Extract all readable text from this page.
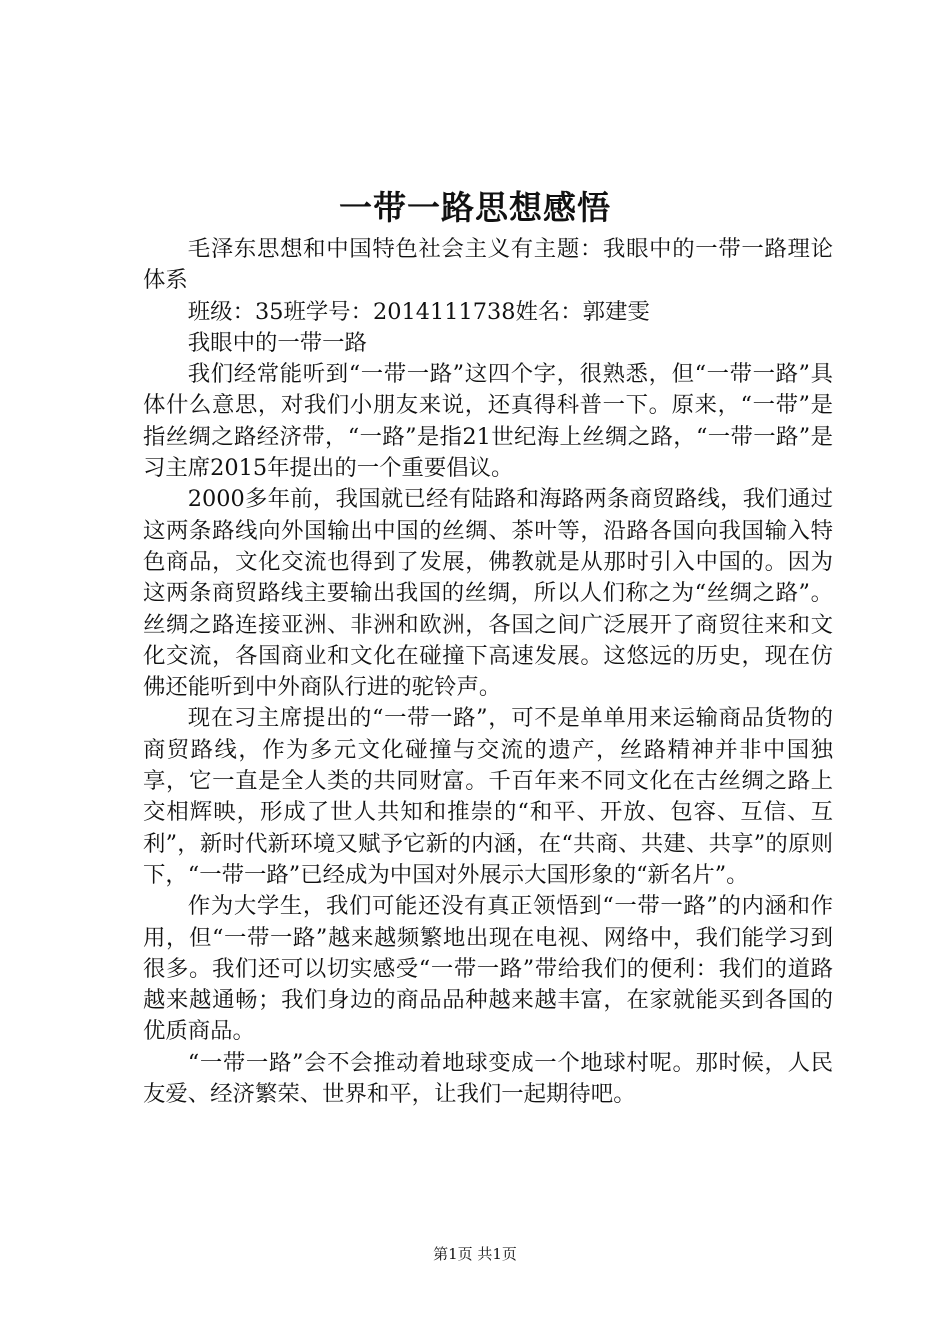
一带一路思想感悟

毛泽东思想和中国特色社会主义有主题：我眼中的一带一路理论体系

班级：35班学号：2014111738姓名：郭建雯

我眼中的一带一路

我们经常能听到“一带一路”这四个字，很熟悉，但“一带一路”具体什么意思，对我们小朋友来说，还真得科普一下。原来，“一带”是指丝绸之路经济带，“一路”是指21世纪海上丝绸之路，“一带一路”是习主席2015年提出的一个重要倡议。

2000多年前，我国就已经有陆路和海路两条商贸路线，我们通过这两条路线向外国输出中国的丝绸、茶叶等，沿路各国向我国输入特色商品，文化交流也得到了发展，佛教就是从那时引入中国的。因为这两条商贸路线主要输出我国的丝绸，所以人们称之为“丝绸之路”。丝绸之路连接亚洲、非洲和欧洲，各国之间广泛展开了商贸往来和文化交流，各国商业和文化在碰撞下高速发展。这悠远的历史，现在仿佛还能听到中外商队行进的驼铃声。

现在习主席提出的“一带一路”，可不是单单用来运输商品货物的商贸路线，作为多元文化碰撞与交流的遗产，丝路精神并非中国独享，它一直是全人类的共同财富。千百年来不同文化在古丝绸之路上交相辉映，形成了世人共知和推崇的“和平、开放、包容、互信、互利”，新时代新环境又赋予它新的内涵，在“共商、共建、共享”的原则下，“一带一路”已经成为中国对外展示大国形象的“新名片”。

作为大学生，我们可能还没有真正领悟到“一带一路”的内涵和作用，但“一带一路”越来越频繁地出现在电视、网络中，我们能学习到很多。我们还可以切实感受“一带一路”带给我们的便利：我们的道路越来越通畅；我们身边的商品品种越来越丰富，在家就能买到各国的优质商品。

“一带一路”会不会推动着地球变成一个地球村呢。那时候，人民友爱、经济繁荣、世界和平，让我们一起期待吧。

第1页 共1页
